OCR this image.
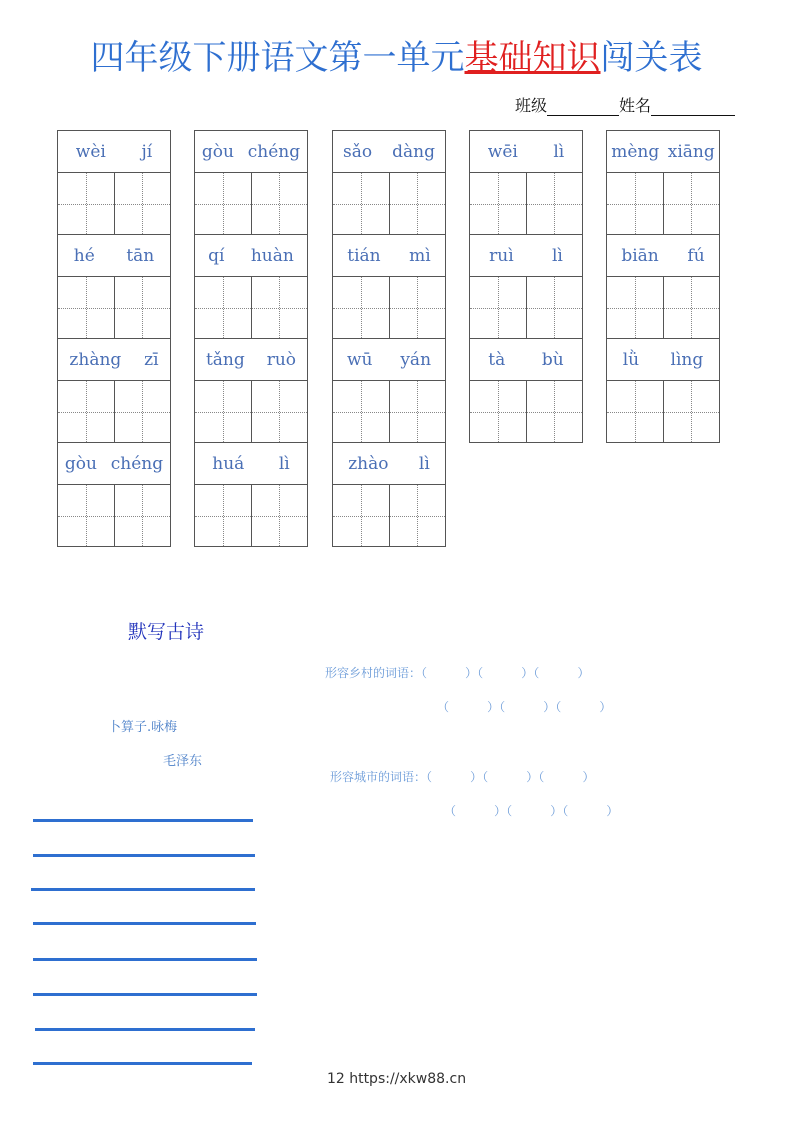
四年级下册语文第一单元基础知识闯关表
班级	姓名
wèi jí
hé tān
zhàng zī
gòu chéng
gòu chéng
qí huàn
tǎng ruò
huá lì
sǎo dàng
tián mì
wū yán
zhào lì
wēi lì
ruì lì
tà bù
mèng xiāng
biān fú
lǜ lìng
默写古诗
卜算子.咏梅
毛泽东
形容乡村的词语：（          ）（          ）（          ）
（          ）（          ）（          ）
形容城市的词语：（          ）（          ）（          ）
（          ）（          ）（          ）
12 https://xkw88.cn
